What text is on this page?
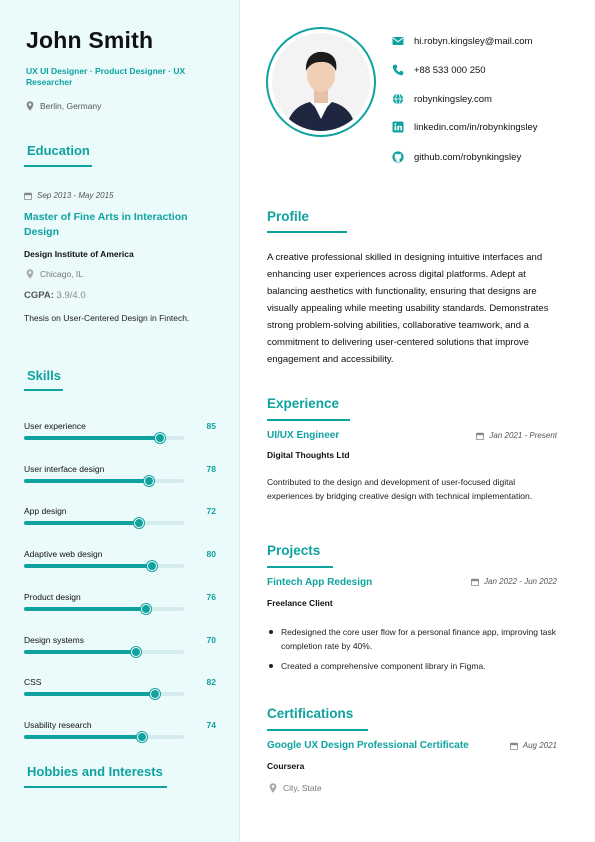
John Smith
UX UI Designer · Product Designer · UX Researcher
Berlin, Germany
Education
Sep 2013 - May 2015
Master of Fine Arts in Interaction Design
Design Institute of America
Chicago, IL
CGPA: 3.9/4.0
Thesis on User-Centered Design in Fintech.
Skills
User experience	85
User interface design	78
App design	72
Adaptive web design	80
Product design	76
Design systems	70
CSS	82
Usability research	74
Hobbies and Interests
hi.robyn.kingsley@mail.com
+88 533 000 250
robynkingsley.com
linkedin.com/in/robynkingsley
github.com/robynkingsley
Profile
A creative professional skilled in designing intuitive interfaces and enhancing user experiences across digital platforms. Adept at balancing aesthetics with functionality, ensuring that designs are visually appealing while meeting usability standards. Demonstrates strong problem-solving abilities, collaborative teamwork, and a commitment to delivering user-centered solutions that improve engagement and accessibility.
Experience
UI/UX Engineer	Jan 2021 - Present
Digital Thoughts Ltd
Contributed to the design and development of user-focused digital experiences by bridging creative design with technical implementation.
Projects
Fintech App Redesign	Jan 2022 - Jun 2022
Freelance Client
Redesigned the core user flow for a personal finance app, improving task completion rate by 40%.
Created a comprehensive component library in Figma.
Certifications
Google UX Design Professional Certificate	Aug 2021
Coursera
City, State
